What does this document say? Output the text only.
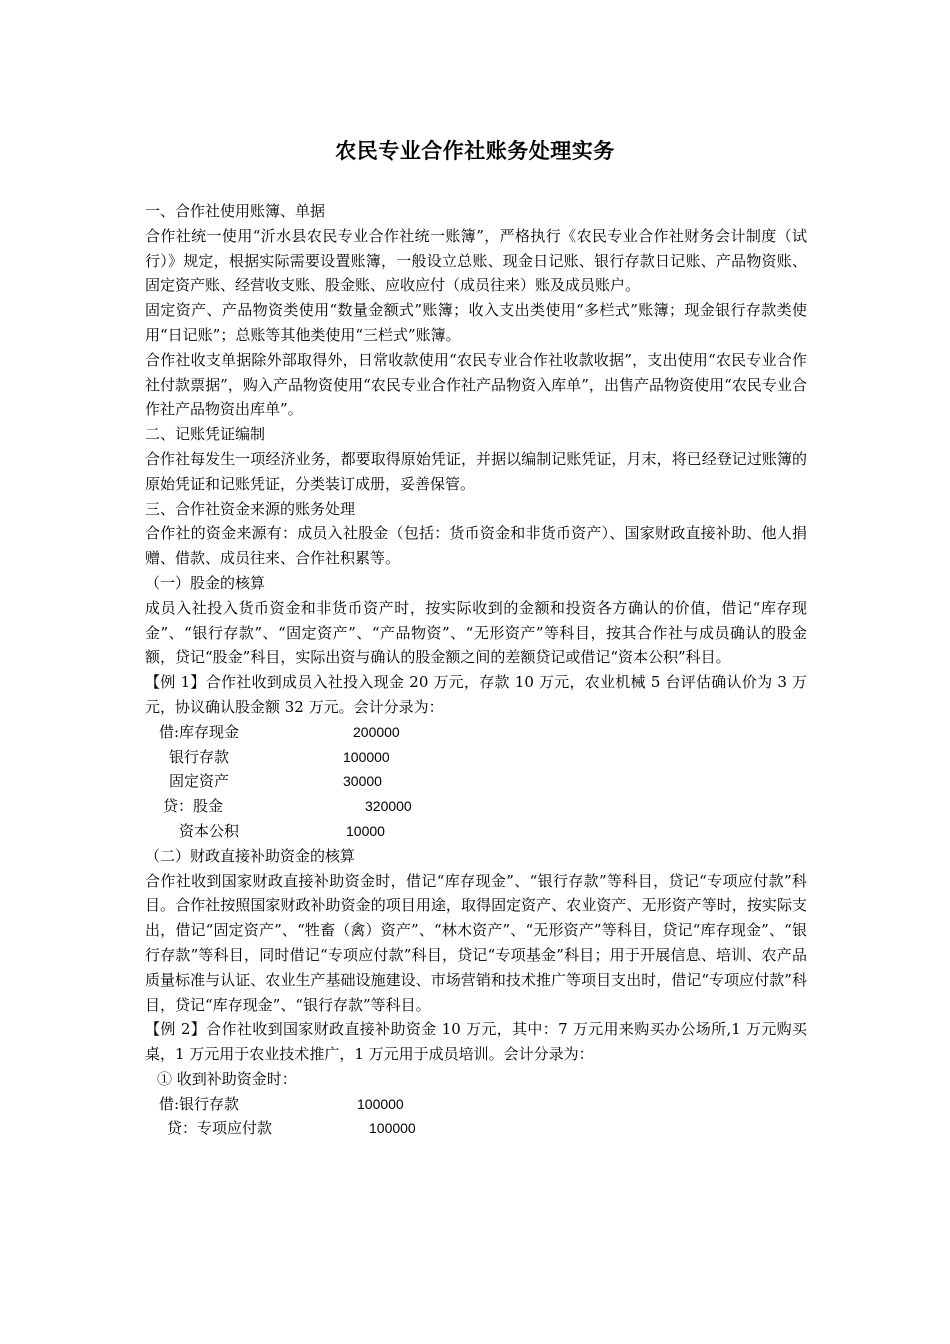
农民专业合作社账务处理实务

一、合作社使用账簿、单据

合作社统一使用“沂水县农民专业合作社统一账簿”，严格执行《农民专业合作社财务会计制度（试行）》规定，根据实际需要设置账簿，一般设立总账、现金日记账、银行存款日记账、产品物资账、固定资产账、经营收支账、股金账、应收应付（成员往来）账及成员账户。

固定资产、产品物资类使用“数量金额式”账簿；收入支出类使用“多栏式”账簿；现金银行存款类使用“日记账”；总账等其他类使用“三栏式”账簿。

合作社收支单据除外部取得外，日常收款使用“农民专业合作社收款收据”，支出使用“农民专业合作社付款票据”，购入产品物资使用“农民专业合作社产品物资入库单”，出售产品物资使用“农民专业合作社产品物资出库单”。

二、记账凭证编制

合作社每发生一项经济业务，都要取得原始凭证，并据以编制记账凭证，月末，将已经登记过账簿的原始凭证和记账凭证，分类装订成册，妥善保管。

三、合作社资金来源的账务处理

合作社的资金来源有：成员入社股金（包括：货币资金和非货币资产）、国家财政直接补助、他人捐赠、借款、成员往来、合作社积累等。

（一）股金的核算

成员入社投入货币资金和非货币资产时，按实际收到的金额和投资各方确认的价值，借记“库存现金”、“银行存款”、“固定资产”、“产品物资”、“无形资产”等科目，按其合作社与成员确认的股金额，贷记“股金”科目，实际出资与确认的股金额之间的差额贷记或借记“资本公积”科目。

【例 1】合作社收到成员入社投入现金 20 万元，存款 10 万元，农业机械 5 台评估确认价为 3 万元，协议确认股金额 32 万元。会计分录为：

借:库存现金	200000
银行存款	100000
固定资产	30000
贷：股金	320000
资本公积	10000

（二）财政直接补助资金的核算

合作社收到国家财政直接补助资金时，借记“库存现金”、“银行存款”等科目，贷记“专项应付款”科目。合作社按照国家财政补助资金的项目用途，取得固定资产、农业资产、无形资产等时，按实际支出，借记“固定资产”、“牲畜（禽）资产”、“林木资产”、“无形资产”等科目，贷记“库存现金”、“银行存款”等科目，同时借记“专项应付款”科目，贷记“专项基金”科目；用于开展信息、培训、农产品质量标准与认证、农业生产基础设施建设、市场营销和技术推广等项目支出时，借记“专项应付款”科目，贷记“库存现金”、“银行存款”等科目。

【例 2】合作社收到国家财政直接补助资金 10 万元，其中：7 万元用来购买办公场所,1 万元购买桌，1 万元用于农业技术推广，1 万元用于成员培训。会计分录为：

① 收到补助资金时：
借:银行存款	100000
贷：专项应付款	100000
